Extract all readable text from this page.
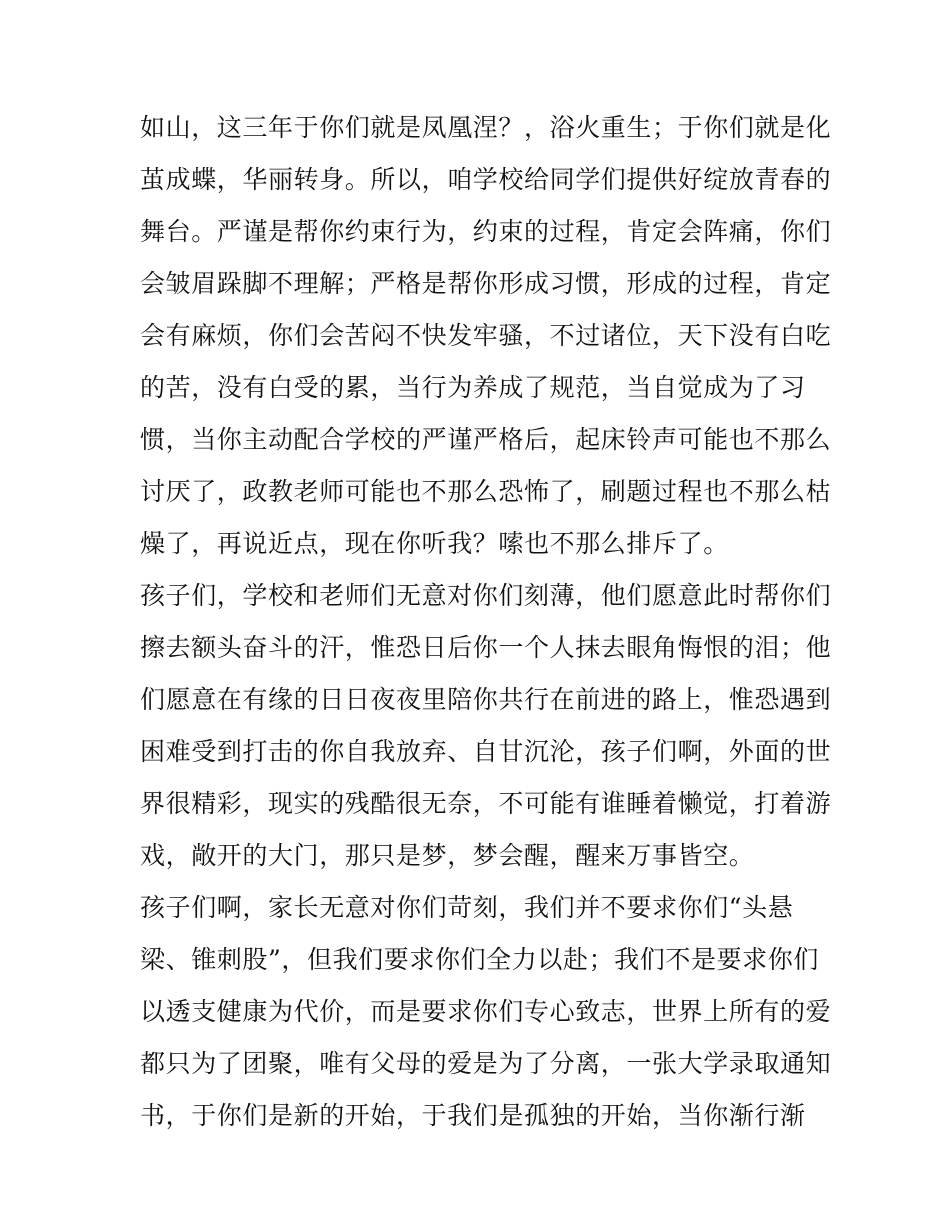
如山，这三年于你们就是凤凰涅？，浴火重生；于你们就是化
茧成蝶，华丽转身。所以，咱学校给同学们提供好绽放青春的
舞台。严谨是帮你约束行为，约束的过程，肯定会阵痛，你们
会皱眉跺脚不理解；严格是帮你形成习惯，形成的过程，肯定
会有麻烦，你们会苦闷不快发牢骚，不过诸位，天下没有白吃
的苦，没有白受的累，当行为养成了规范，当自觉成为了习
惯，当你主动配合学校的严谨严格后，起床铃声可能也不那么
讨厌了，政教老师可能也不那么恐怖了，刷题过程也不那么枯
燥了，再说近点，现在你听我？嗦也不那么排斥了。
孩子们，学校和老师们无意对你们刻薄，他们愿意此时帮你们
擦去额头奋斗的汗，惟恐日后你一个人抹去眼角悔恨的泪；他
们愿意在有缘的日日夜夜里陪你共行在前进的路上，惟恐遇到
困难受到打击的你自我放弃、自甘沉沦，孩子们啊，外面的世
界很精彩，现实的残酷很无奈，不可能有谁睡着懒觉，打着游
戏，敞开的大门，那只是梦，梦会醒，醒来万事皆空。
孩子们啊，家长无意对你们苛刻，我们并不要求你们“头悬
梁、锥刺股”，但我们要求你们全力以赴；我们不是要求你们
以透支健康为代价，而是要求你们专心致志，世界上所有的爱
都只为了团聚，唯有父母的爱是为了分离，一张大学录取通知
书，于你们是新的开始，于我们是孤独的开始，当你渐行渐
